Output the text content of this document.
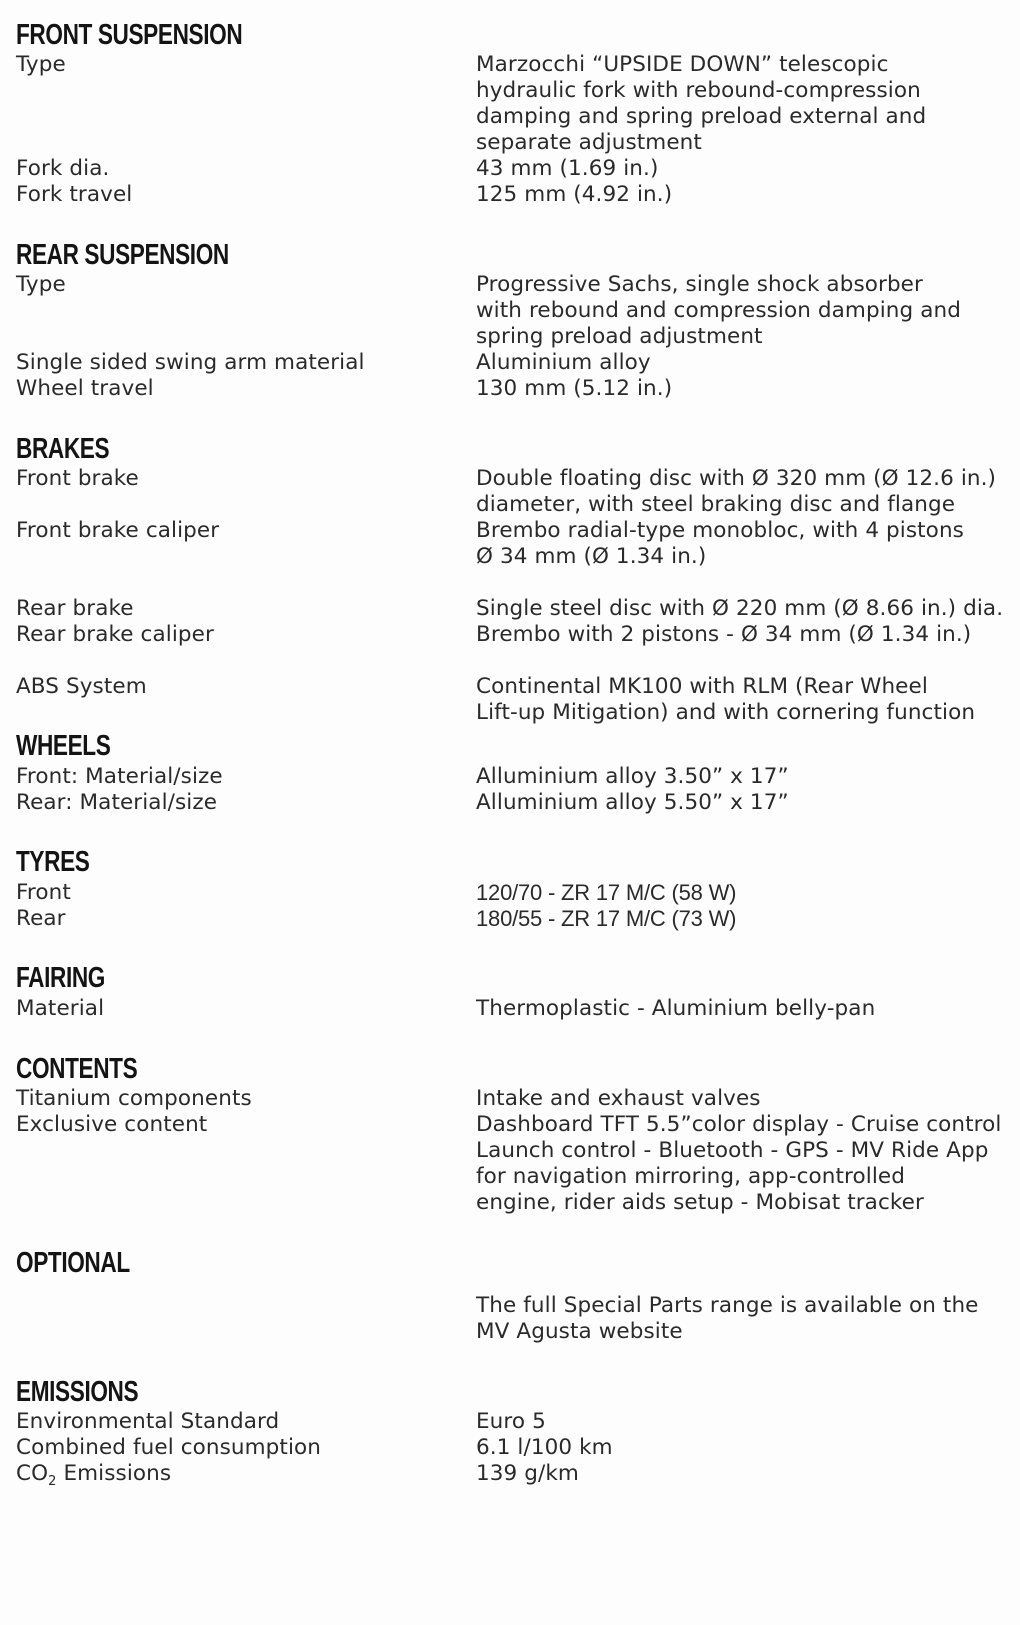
FRONT SUSPENSION
Type	Marzocchi “UPSIDE DOWN” telescopic
hydraulic fork with rebound-compression
damping and spring preload external and
separate adjustment
Fork dia.	43 mm (1.69 in.)
Fork travel	125 mm (4.92 in.)
REAR SUSPENSION
Type	Progressive Sachs, single shock absorber
with rebound and compression damping and
spring preload adjustment
Single sided swing arm material	Aluminium alloy
Wheel travel	130 mm (5.12 in.)
BRAKES
Front brake	Double floating disc with Ø 320 mm (Ø 12.6 in.)
diameter, with steel braking disc and flange
Front brake caliper	Brembo radial-type monobloc, with 4 pistons
Ø 34 mm (Ø 1.34 in.)
Rear brake	Single steel disc with Ø 220 mm (Ø 8.66 in.) dia.
Rear brake caliper	Brembo with 2 pistons - Ø 34 mm (Ø 1.34 in.)
ABS System	Continental MK100 with RLM (Rear Wheel
Lift-up Mitigation) and with cornering function
WHEELS
Front: Material/size	Alluminium alloy 3.50” x 17”
Rear: Material/size	Alluminium alloy 5.50” x 17”
TYRES
Front	120/70 - ZR 17 M/C (58 W)
Rear	180/55 - ZR 17 M/C (73 W)
FAIRING
Material	Thermoplastic - Aluminium belly-pan
CONTENTS
Titanium components	Intake and exhaust valves
Exclusive content	Dashboard TFT 5.5”color display - Cruise control
Launch control - Bluetooth - GPS - MV Ride App
for navigation mirroring, app-controlled
engine, rider aids setup - Mobisat tracker
OPTIONAL
The full Special Parts range is available on the
MV Agusta website
EMISSIONS
Environmental Standard	Euro 5
Combined fuel consumption	6.1 l/100 km
$CO_2$ Emissions	139 g/km
